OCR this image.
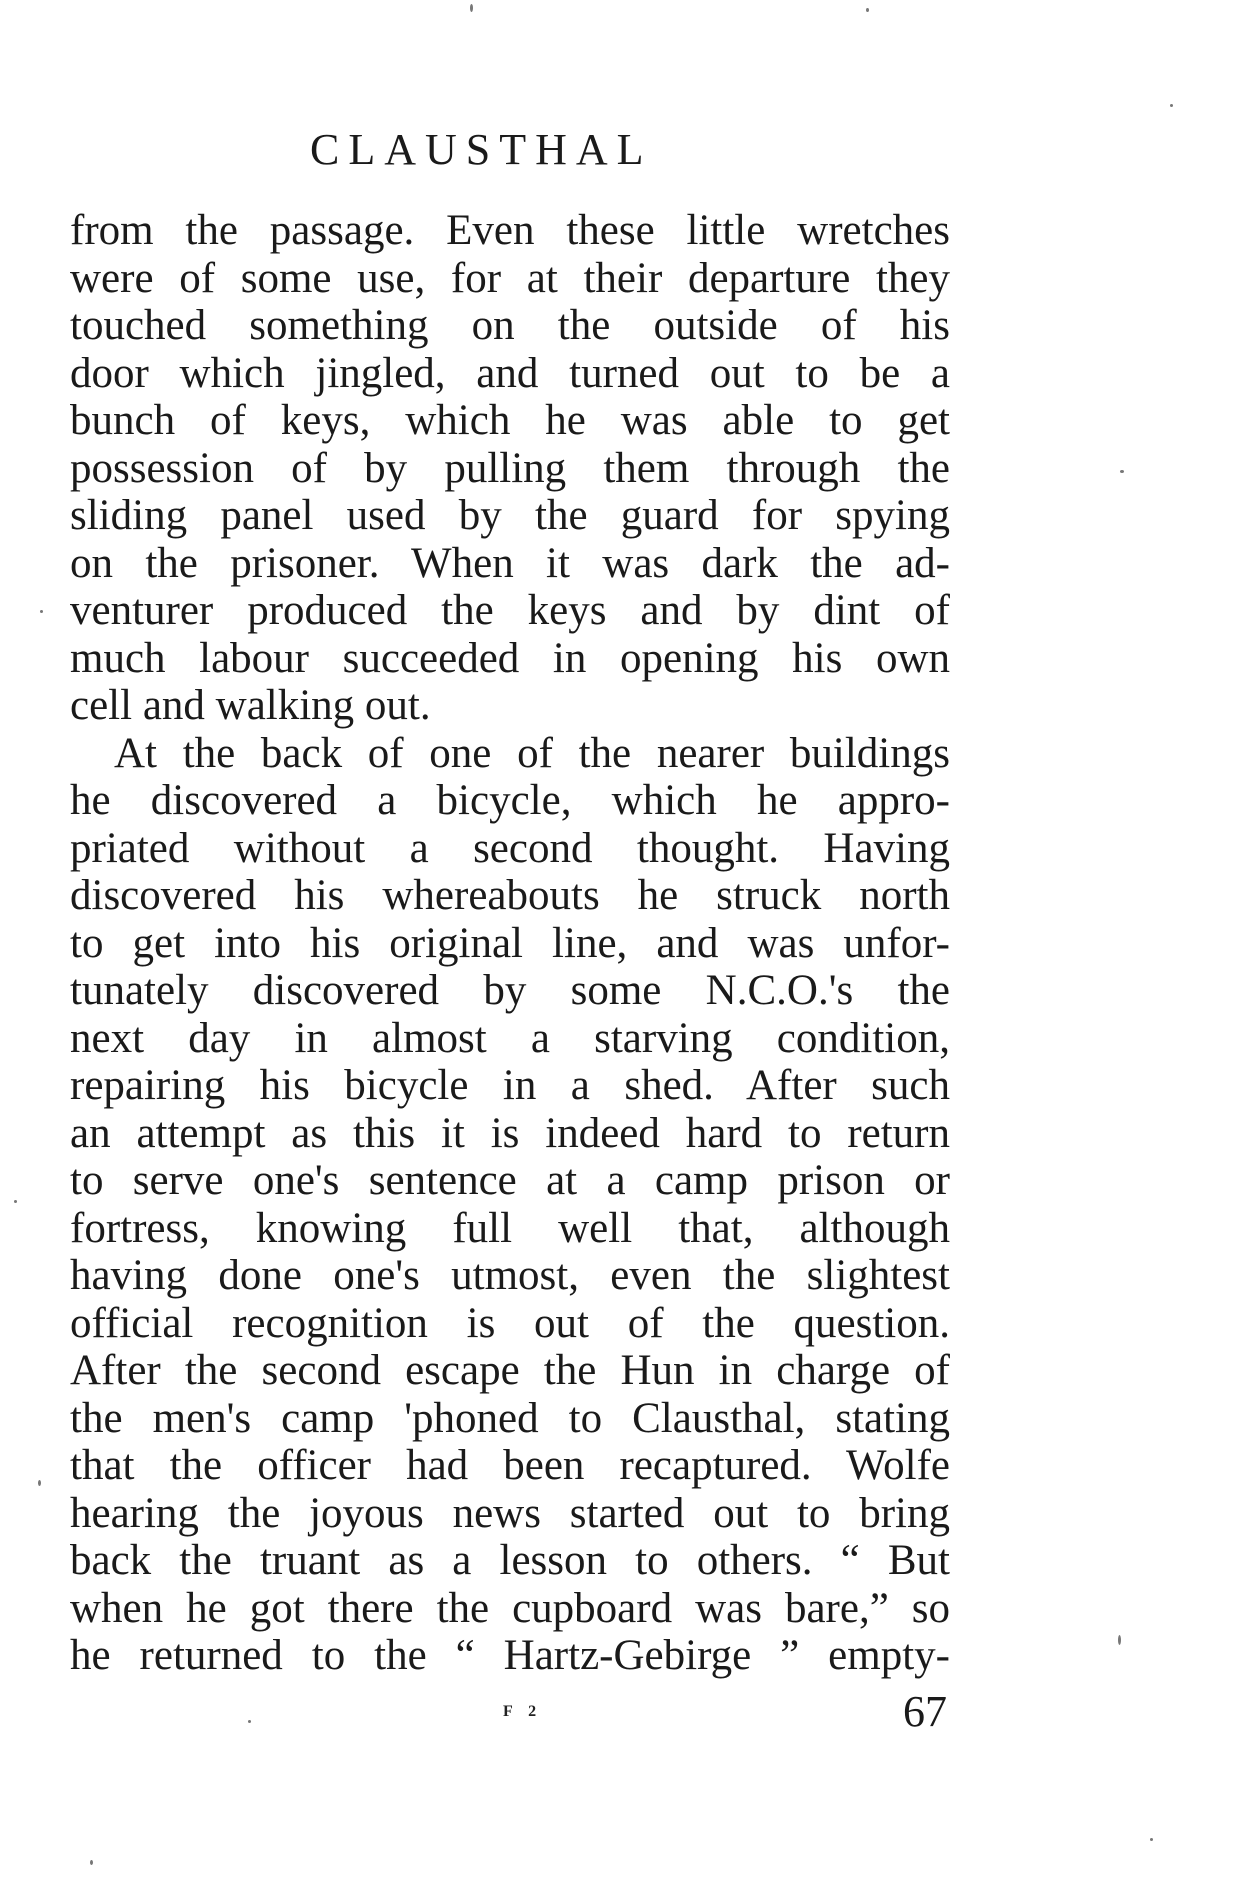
CLAUSTHAL
from the passage. Even these little wretches
were of some use, for at their departure they
touched something on the outside of his
door which jingled, and turned out to be a
bunch of keys, which he was able to get
possession of by pulling them through the
sliding panel used by the guard for spying
on the prisoner. When it was dark the ad-
venturer produced the keys and by dint of
much labour succeeded in opening his own
cell and walking out.
At the back of one of the nearer buildings
he discovered a bicycle, which he appro-
priated without a second thought. Having
discovered his whereabouts he struck north
to get into his original line, and was unfor-
tunately discovered by some N.C.O.'s the
next day in almost a starving condition,
repairing his bicycle in a shed. After such
an attempt as this it is indeed hard to return
to serve one's sentence at a camp prison or
fortress, knowing full well that, although
having done one's utmost, even the slightest
official recognition is out of the question.
After the second escape the Hun in charge of
the men's camp 'phoned to Clausthal, stating
that the officer had been recaptured. Wolfe
hearing the joyous news started out to bring
back the truant as a lesson to others. “ But
when he got there the cupboard was bare,” so
he returned to the “ Hartz-Gebirge ” empty-
F 2	67
